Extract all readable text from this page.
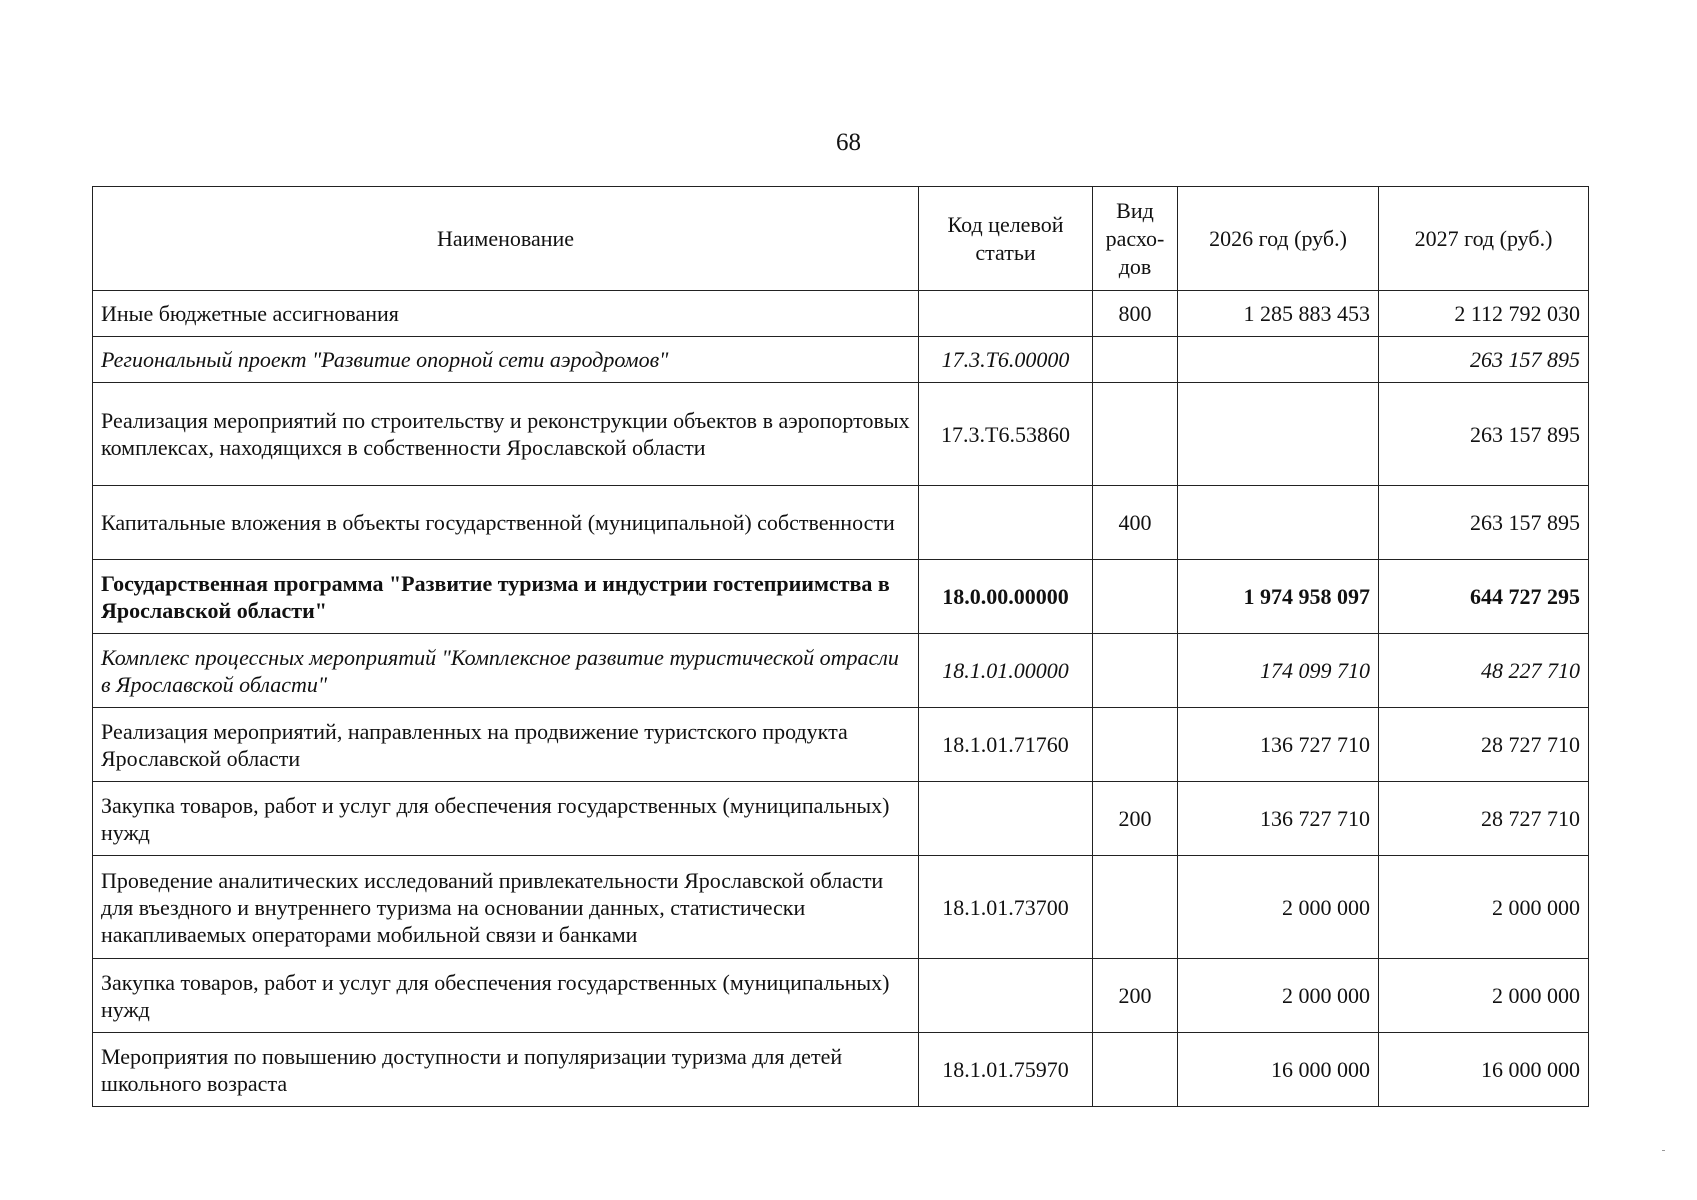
68
Наименование	Код целевой статьи	Вид расхо-дов	2026 год (руб.)	2027 год (руб.)
Иные бюджетные ассигнования		800	1 285 883 453	2 112 792 030
Региональный проект "Развитие опорной сети аэродромов"	17.3.Т6.00000			263 157 895
Реализация мероприятий по строительству и реконструкции объектов в аэропортовых комплексах, находящихся в собственности Ярославской области	17.3.Т6.53860			263 157 895
Капитальные вложения в объекты государственной (муниципальной) собственности		400		263 157 895
Государственная программа "Развитие туризма и индустрии гостеприимства в Ярославской области"	18.0.00.00000		1 974 958 097	644 727 295
Комплекс процессных мероприятий "Комплексное развитие туристической отрасли в Ярославской области"	18.1.01.00000		174 099 710	48 227 710
Реализация мероприятий, направленных на продвижение туристского продукта Ярославской области	18.1.01.71760		136 727 710	28 727 710
Закупка товаров, работ и услуг для обеспечения государственных (муниципальных) нужд		200	136 727 710	28 727 710
Проведение аналитических исследований привлекательности Ярославской области для въездного и внутреннего туризма на основании данных, статистически накапливаемых операторами мобильной связи и банками	18.1.01.73700		2 000 000	2 000 000
Закупка товаров, работ и услуг для обеспечения государственных (муниципальных) нужд		200	2 000 000	2 000 000
Мероприятия по повышению доступности и популяризации туризма для детей школьного возраста	18.1.01.75970		16 000 000	16 000 000
